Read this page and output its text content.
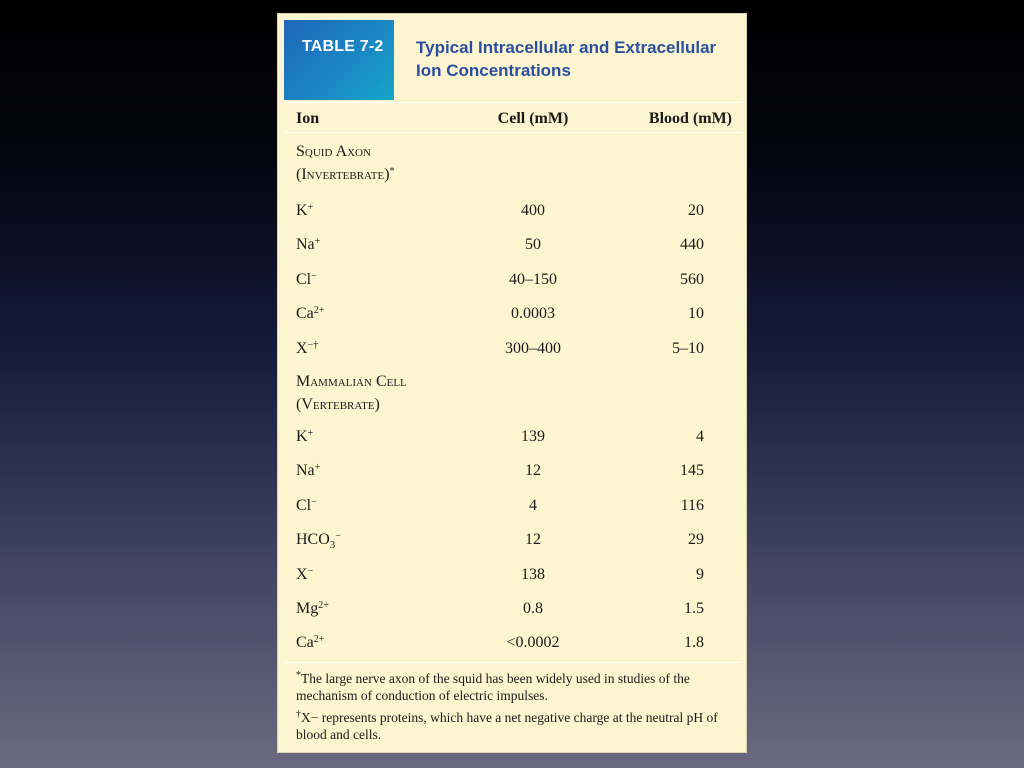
TABLE 7-2 Typical Intracellular and Extracellular Ion Concentrations
Ion	Cell (mM)	Blood (mM)
Squid Axon
(Invertebrate)*
K+	400	20
Na+	50	440
Cl−	40–150	560
$Ca^{2+}$	0.0003	10
X−†	300–400	5–10
Mammalian Cell
(Vertebrate)
K+	139	4
Na+	12	145
Cl−	4	116
$HCO_3^-$	12	29
X−	138	9
$Mg^{2+}$	0.8	1.5
$Ca^{2+}$	<0.0002	1.8

*The large nerve axon of the squid has been widely used in studies of the mechanism of conduction of electric impulses.

†X− represents proteins, which have a net negative charge at the neutral pH of blood and cells.
